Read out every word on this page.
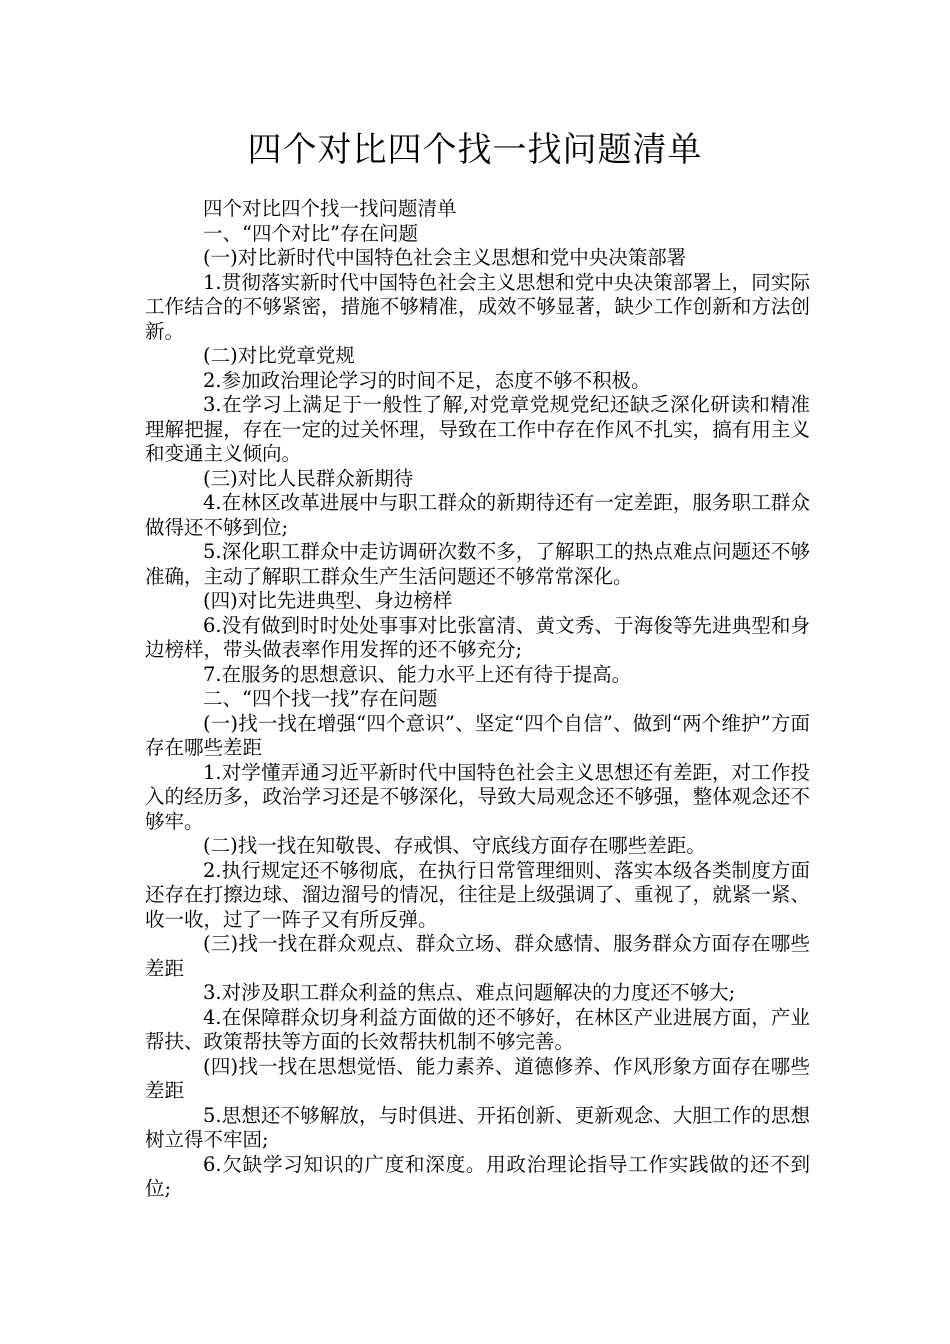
四个对比四个找一找问题清单

四个对比四个找一找问题清单

一、“四个对比”存在问题

(一)对比新时代中国特色社会主义思想和党中央决策部署

1.贯彻落实新时代中国特色社会主义思想和党中央决策部署上，同实际工作结合的不够紧密，措施不够精准，成效不够显著，缺少工作创新和方法创新。

(二)对比党章党规

2.参加政治理论学习的时间不足，态度不够不积极。

3.在学习上满足于一般性了解,对党章党规党纪还缺乏深化研读和精准理解把握，存在一定的过关怀理，导致在工作中存在作风不扎实，搞有用主义和变通主义倾向。

(三)对比人民群众新期待

4.在林区改革进展中与职工群众的新期待还有一定差距，服务职工群众做得还不够到位;

5.深化职工群众中走访调研次数不多，了解职工的热点难点问题还不够准确，主动了解职工群众生产生活问题还不够常常深化。

(四)对比先进典型、身边榜样

6.没有做到时时处处事事对比张富清、黄文秀、于海俊等先进典型和身边榜样，带头做表率作用发挥的还不够充分;

7.在服务的思想意识、能力水平上还有待于提高。

二、“四个找一找”存在问题

(一)找一找在增强“四个意识”、坚定“四个自信”、做到“两个维护”方面存在哪些差距

1.对学懂弄通习近平新时代中国特色社会主义思想还有差距，对工作投入的经历多，政治学习还是不够深化，导致大局观念还不够强，整体观念还不够牢。

(二)找一找在知敬畏、存戒惧、守底线方面存在哪些差距。

2.执行规定还不够彻底，在执行日常管理细则、落实本级各类制度方面还存在打擦边球、溜边溜号的情况，往往是上级强调了、重视了，就紧一紧、收一收，过了一阵子又有所反弹。

(三)找一找在群众观点、群众立场、群众感情、服务群众方面存在哪些差距

3.对涉及职工群众利益的焦点、难点问题解决的力度还不够大;

4.在保障群众切身利益方面做的还不够好，在林区产业进展方面，产业帮扶、政策帮扶等方面的长效帮扶机制不够完善。

(四)找一找在思想觉悟、能力素养、道德修养、作风形象方面存在哪些差距

5.思想还不够解放，与时俱进、开拓创新、更新观念、大胆工作的思想树立得不牢固;

6.欠缺学习知识的广度和深度。用政治理论指导工作实践做的还不到位;
